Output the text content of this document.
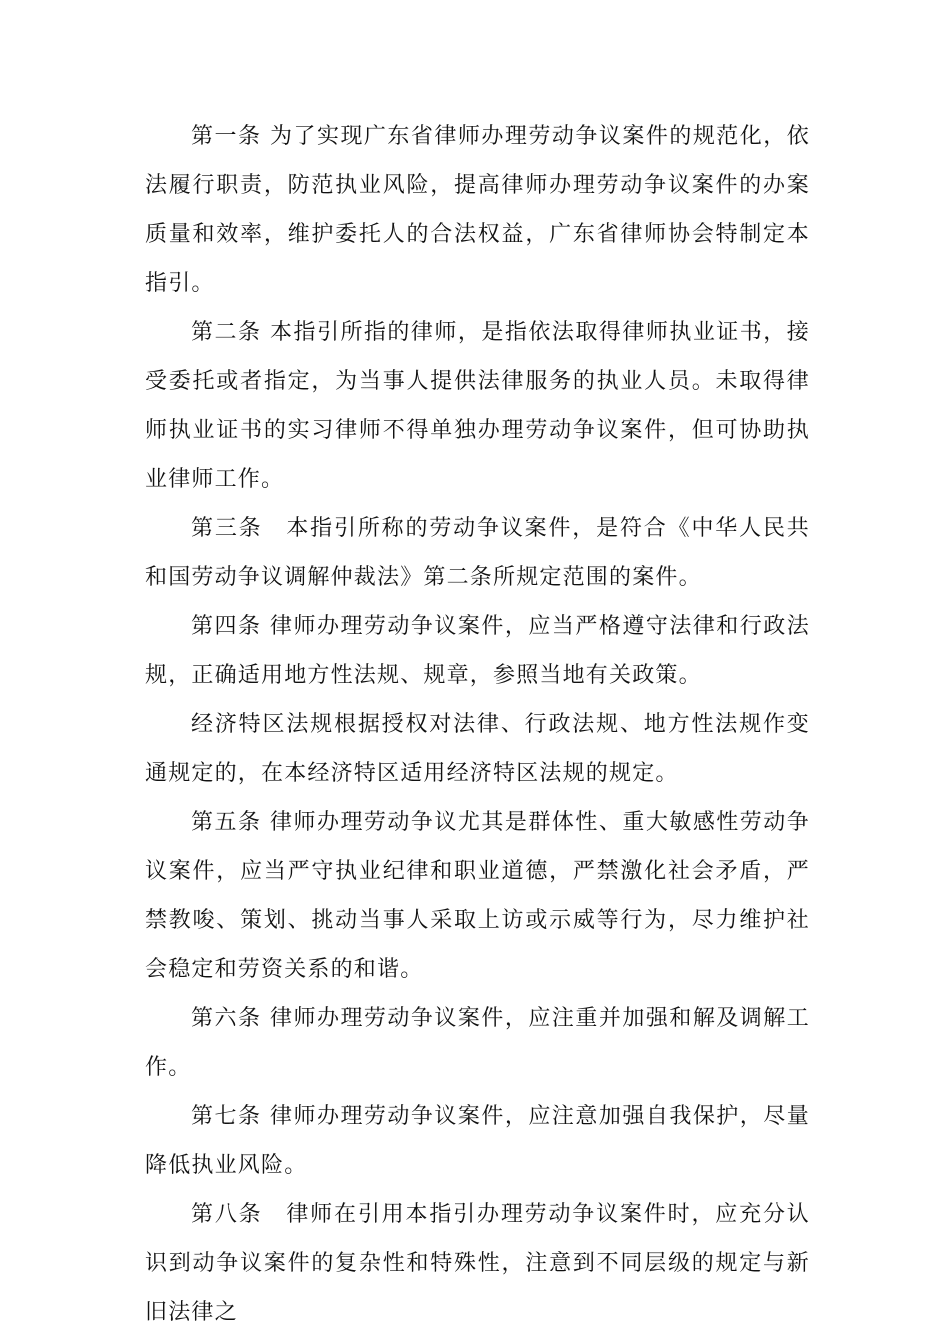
第一条 为了实现广东省律师办理劳动争议案件的规范化，依法履行职责，防范执业风险，提高律师办理劳动争议案件的办案质量和效率，维护委托人的合法权益，广东省律师协会特制定本指引。

第二条 本指引所指的律师，是指依法取得律师执业证书，接受委托或者指定，为当事人提供法律服务的执业人员。未取得律师执业证书的实习律师不得单独办理劳动争议案件，但可协助执业律师工作。

第三条　本指引所称的劳动争议案件，是符合《中华人民共和国劳动争议调解仲裁法》第二条所规定范围的案件。

第四条 律师办理劳动争议案件，应当严格遵守法律和行政法规，正确适用地方性法规、规章，参照当地有关政策。

经济特区法规根据授权对法律、行政法规、地方性法规作变通规定的，在本经济特区适用经济特区法规的规定。

第五条 律师办理劳动争议尤其是群体性、重大敏感性劳动争议案件，应当严守执业纪律和职业道德，严禁激化社会矛盾，严禁教唆、策划、挑动当事人采取上访或示威等行为，尽力维护社会稳定和劳资关系的和谐。

第六条 律师办理劳动争议案件，应注重并加强和解及调解工作。

第七条 律师办理劳动争议案件，应注意加强自我保护，尽量降低执业风险。

第八条　律师在引用本指引办理劳动争议案件时，应充分认识到动争议案件的复杂性和特殊性，注意到不同层级的规定与新旧法律之
